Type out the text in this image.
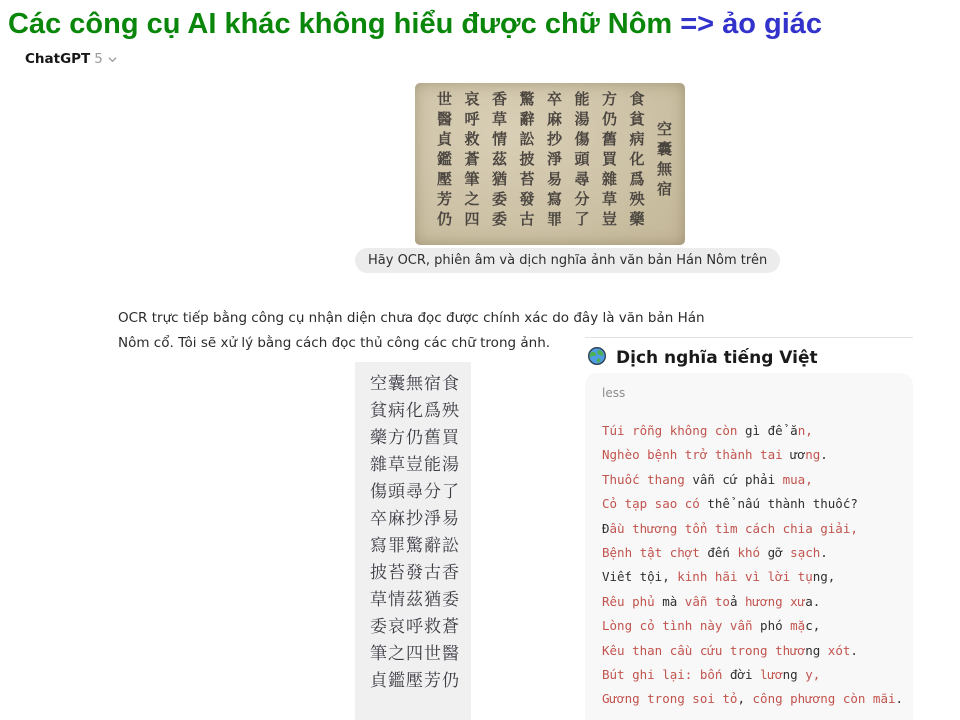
Các công cụ AI khác không hiểu được chữ Nôm => ảo giác
ChatGPT 5
空囊無宿
食貧病化爲殃藥
方仍舊買雜草豈
能湯傷頭尋分了
卒麻抄淨易寫罪
驚辭訟披苔發古
香草情茲猶委委
哀呼救蒼筆之四
世醫貞鑑壓芳仍
Hãy OCR, phiên âm và dịch nghĩa ảnh văn bản Hán Nôm trên
OCR trực tiếp bằng công cụ nhận diện chưa đọc được chính xác do đây là văn bản Hán Nôm cổ. Tôi sẽ xử lý bằng cách đọc thủ công các chữ trong ảnh.
空囊無宿食
貧病化爲殃
藥方仍舊買
雜草豈能湯
傷頭尋分了
卒麻抄淨易
寫罪驚辭訟
披苔發古香
草情茲猶委
委哀呼救蒼
筆之四世醫
貞鑑壓芳仍
Dịch nghĩa tiếng Việt
less
Túi rỗng không còn gì để ăn,
Nghèo bệnh trở thành tai ương.
Thuốc thang vẫn cứ phải mua,
Cỏ tạp sao có thể nấu thành thuốc?
Đầu thương tổn tìm cách chia giải,
Bệnh tật chợt đến khó gỡ sạch.
Viết tội, kinh hãi vì lời tụng,
Rêu phủ mà vẫn toả hương xưa.
Lòng cỏ tình này vẫn phó mặc,
Kêu than cầu cứu trong thương xót.
Bút ghi lại: bốn đời lương y,
Gương trong soi tỏ, công phương còn mãi.
